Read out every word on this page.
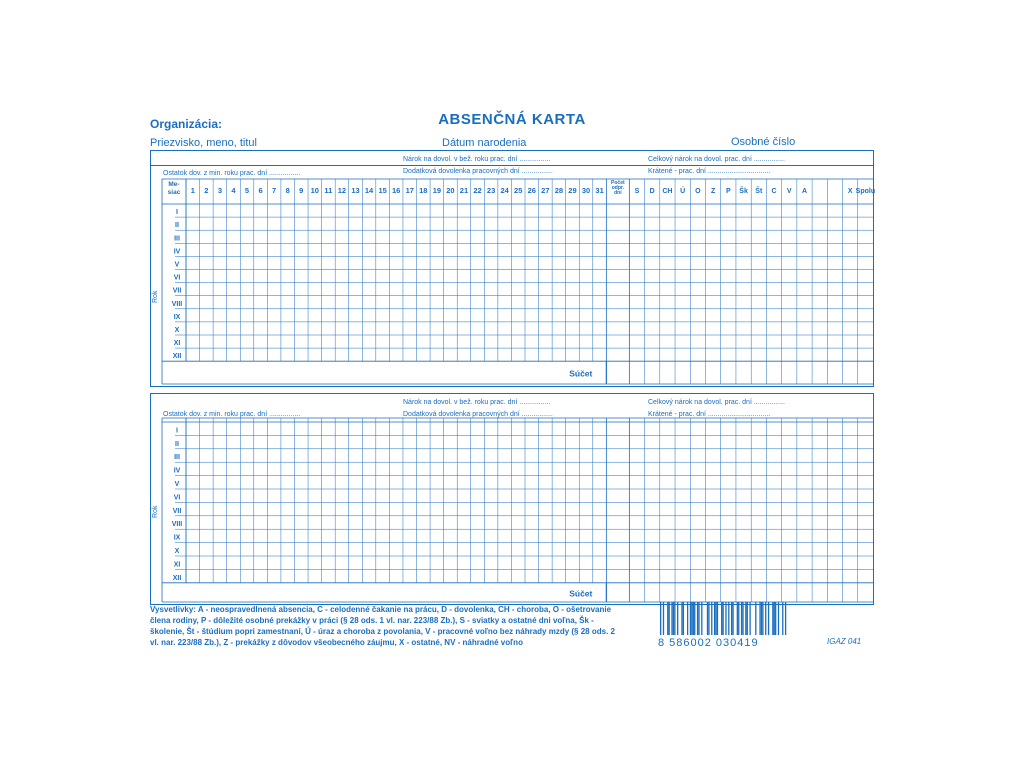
Organizácia:	ABSENČNÁ KARTA
Priezvisko, meno, titul	Dátum narodenia	Osobné číslo
Nárok na dovol. v bež. roku prac. dní ................	Celkový nárok na dovol. prac. dní ................
Ostatok dov. z min. roku prac. dní ................	Dodatková dovolenka pracovných dní ................	Krátené - prac. dní ................................
Rok
Me-
siac 1 2 3 4 5 6 7 8 9 10 11 12 13 14 15 16 17 18 19 20 21 22 23 24 25 26 27 28 29 30 31
Počet
odpr.
dní S D CH Ú O Z P Šk Št C V A	X Spolu
I
II
III
IV
V
VI
VII
VIII
IX
X
XI
XII
Súčet
Nárok na dovol. v bež. roku prac. dní ................	Celkový nárok na dovol. prac. dní ................
Ostatok dov. z min. roku prac. dní ................	Dodatková dovolenka pracovných dní ................	Krátené - prac. dní ................................
Rok
I
II
III
IV
V
VI
VII
VIII
IX
X
XI
XII
Súčet
Vysvetlivky: A - neospravedlnená absencia, C - celodenné čakanie na prácu, D - dovolenka, CH - choroba, O - ošetrovanie člena rodiny, P - dôležité osobné prekážky v práci (§ 28 ods. 1 vl. nar. 223/88 Zb.), S - sviatky a ostatné dni voľna, Šk - školenie, Št - štúdium popri zamestnaní, Ú - úraz a choroba z povolania, V - pracovné voľno bez náhrady mzdy (§ 28 ods. 2 vl. nar. 223/88 Zb.), Z - prekážky z dôvodov všeobecného záujmu, X - ostatné, NV - náhradné voľno	8 586002 030419	IGAZ 041
